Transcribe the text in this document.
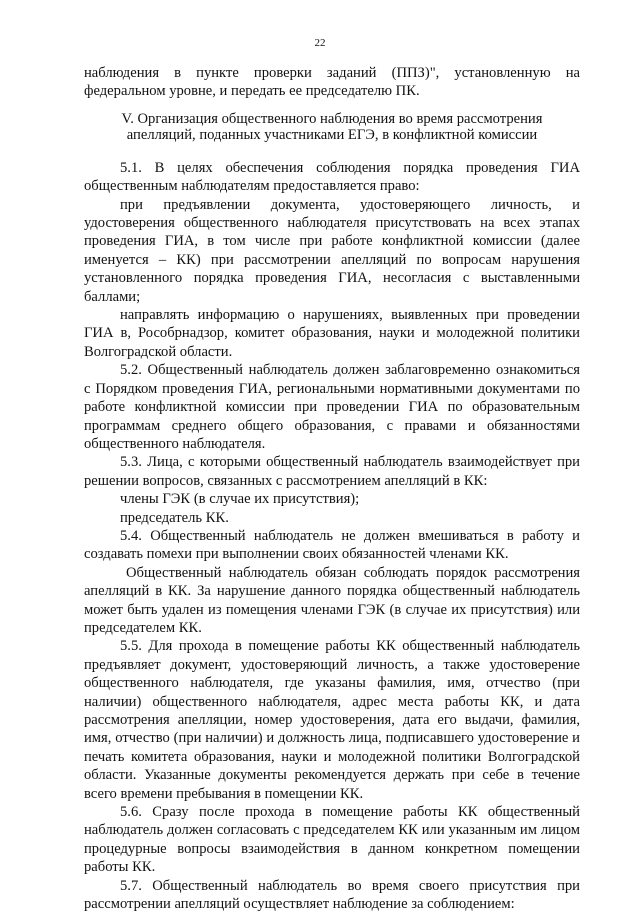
22

наблюдения в пункте проверки заданий (ППЗ)", установленную на федеральном уровне, и передать ее председателю ПК.

V. Организация общественного наблюдения во время рассмотрения апелляций, поданных участниками ЕГЭ, в конфликтной комиссии

5.1. В целях обеспечения соблюдения порядка проведения ГИА общественным наблюдателям предоставляется право:

при предъявлении документа, удостоверяющего личность, и удостоверения общественного наблюдателя присутствовать на всех этапах проведения ГИА, в том числе при работе конфликтной комиссии (далее именуется – КК) при рассмотрении апелляций по вопросам нарушения установленного порядка проведения ГИА, несогласия с выставленными баллами;

направлять информацию о нарушениях, выявленных при проведении ГИА в, Рособрнадзор, комитет образования, науки и молодежной политики Волгоградской области.

5.2. Общественный наблюдатель должен заблаговременно ознакомиться с Порядком проведения ГИА, региональными нормативными документами по работе конфликтной комиссии при проведении ГИА по образовательным программам среднего общего образования, с правами и обязанностями общественного наблюдателя.

5.3. Лица, с которыми общественный наблюдатель взаимодействует при решении вопросов, связанных с рассмотрением апелляций в КК:

члены ГЭК (в случае их присутствия);

председатель КК.

5.4. Общественный наблюдатель не должен вмешиваться в работу и создавать помехи при выполнении своих обязанностей членами КК.

Общественный наблюдатель обязан соблюдать порядок рассмотрения апелляций в КК. За нарушение данного порядка общественный наблюдатель может быть удален из помещения членами ГЭК (в случае их присутствия) или председателем КК.

5.5. Для прохода в помещение работы КК общественный наблюдатель предъявляет документ, удостоверяющий личность, а также удостоверение общественного наблюдателя, где указаны фамилия, имя, отчество (при наличии) общественного наблюдателя, адрес места работы КК, и дата рассмотрения апелляции, номер удостоверения, дата его выдачи, фамилия, имя, отчество (при наличии) и должность лица, подписавшего удостоверение и печать комитета образования, науки и молодежной политики Волгоградской области. Указанные документы рекомендуется держать при себе в течение всего времени пребывания в помещении КК.

5.6. Сразу после прохода в помещение работы КК общественный наблюдатель должен согласовать с председателем КК или указанным им лицом процедурные вопросы взаимодействия в данном конкретном помещении работы КК.

5.7. Общественный наблюдатель во время своего присутствия при рассмотрении апелляций осуществляет наблюдение за соблюдением:
